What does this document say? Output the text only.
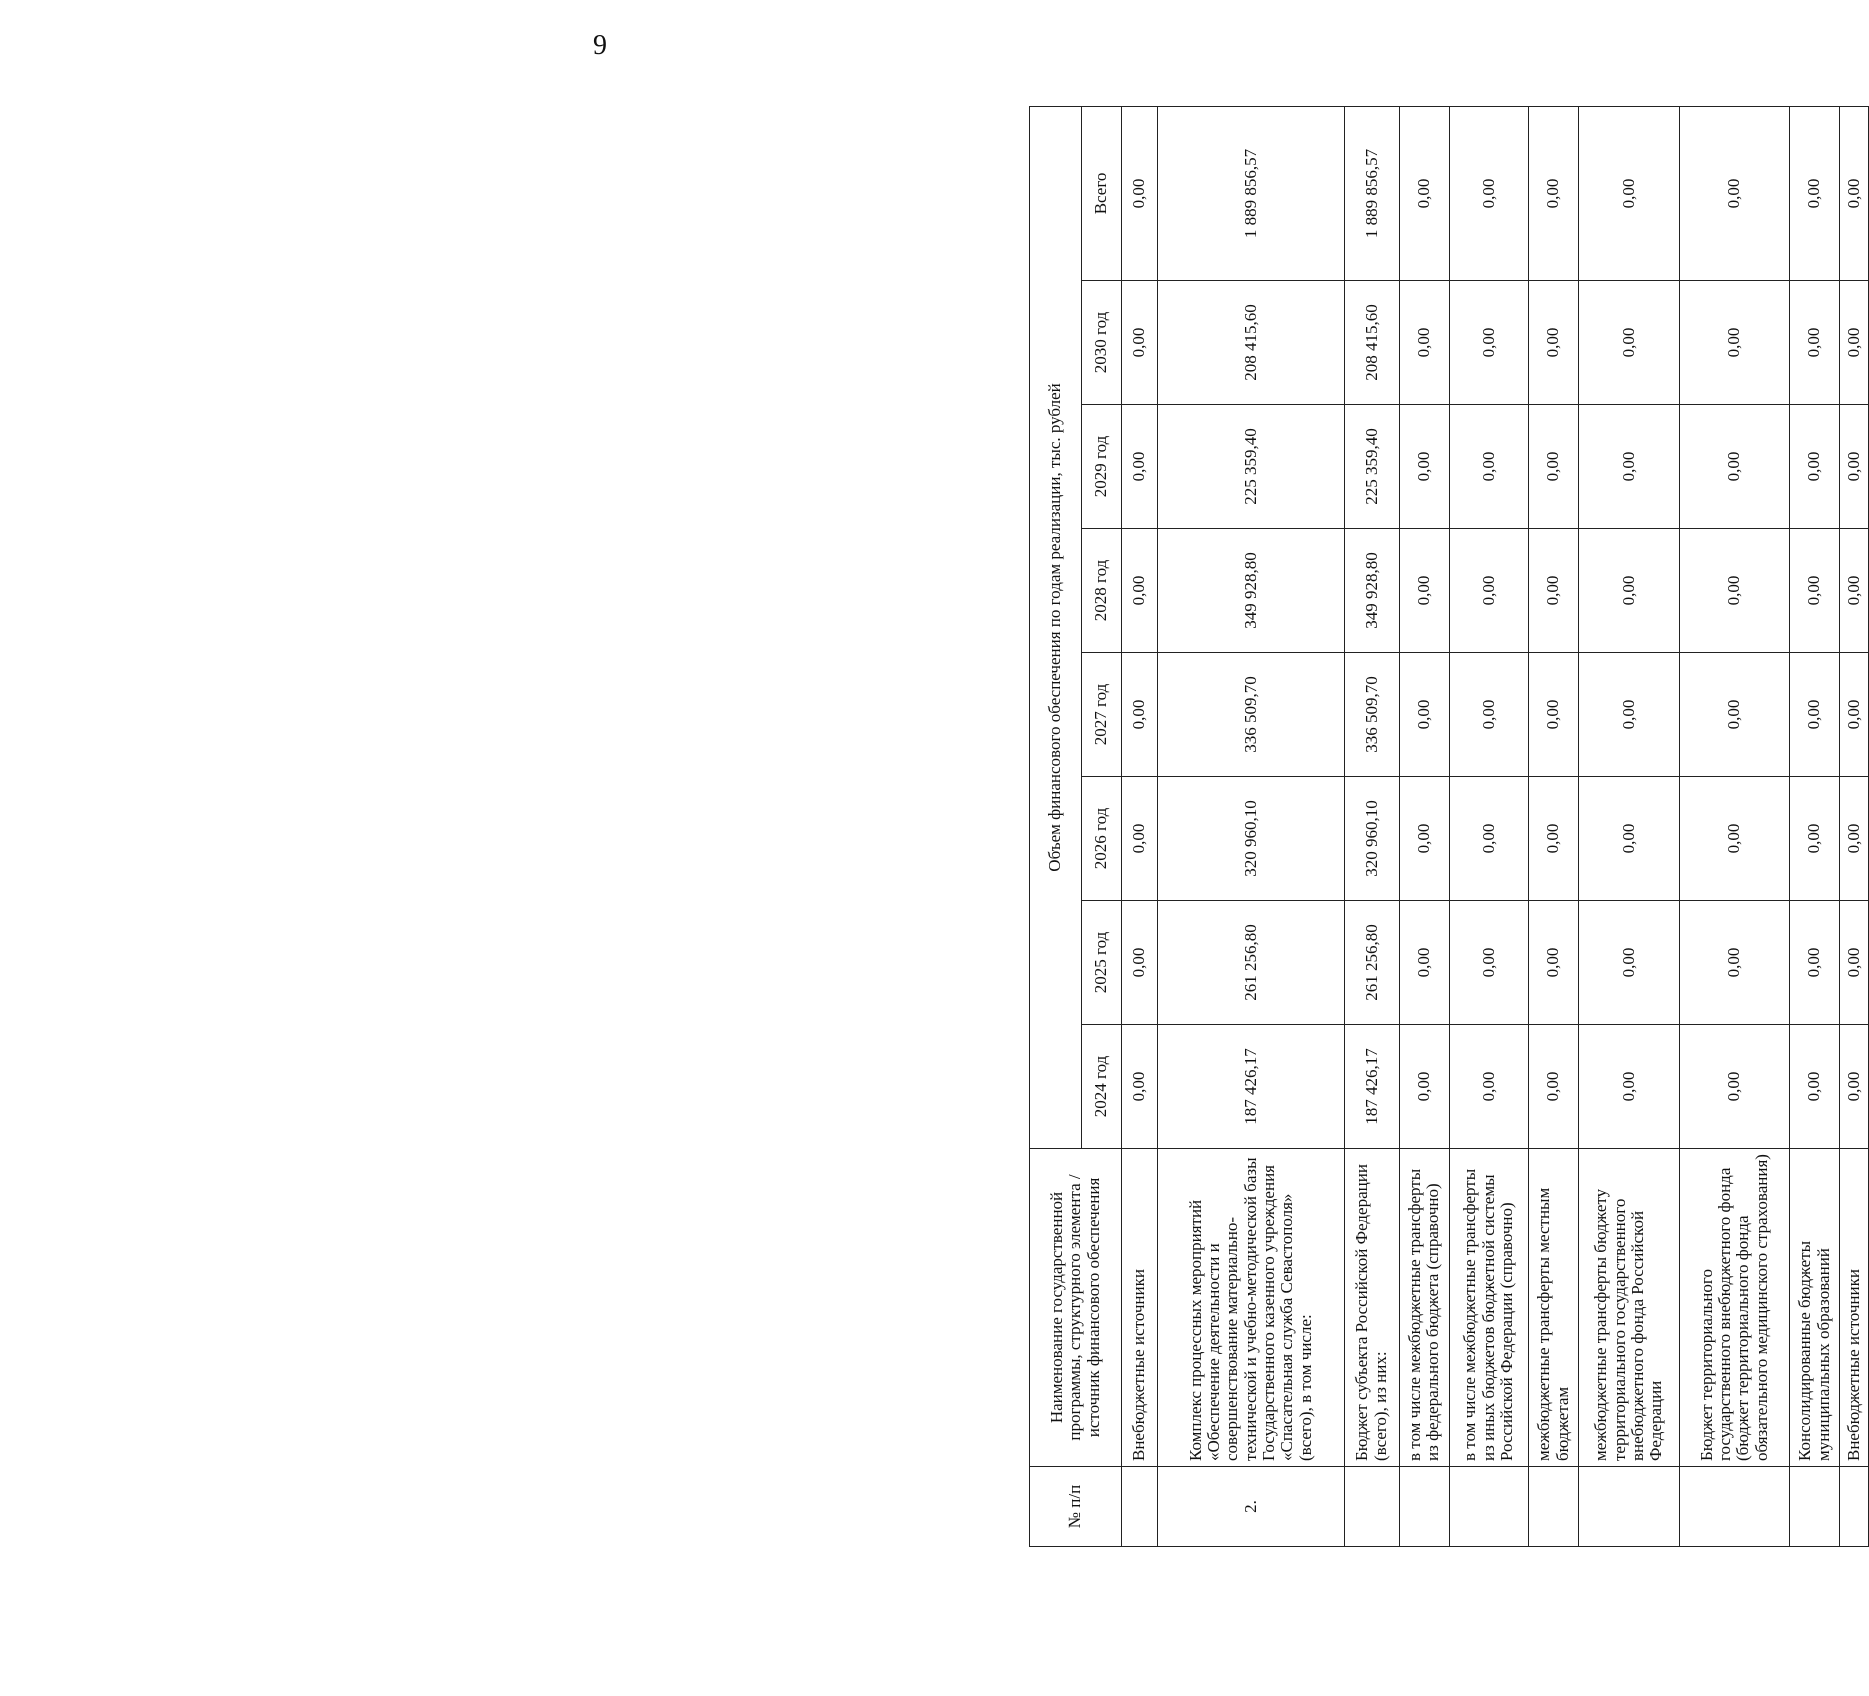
9
№ п/п	Наименование государственной программы, структурного элемента / источник финансового обеспечения	Объем финансового обеспечения по годам реализации, тыс. рублей							
		2024 год	2025 год	2026 год	2027 год	2028 год	2029 год	2030 год	Всего
	Внебюджетные источники	0,00	0,00	0,00	0,00	0,00	0,00	0,00	0,00
2.	Комплекс процессных мероприятий «Обеспечение деятельности и совершенствование материально-технической и учебно-методической базы Государственного казенного учреждения «Спасательная служба Севастополя» (всего), в том числе:	187 426,17	261 256,80	320 960,10	336 509,70	349 928,80	225 359,40	208 415,60	1 889 856,57
	Бюджет субъекта Российской Федерации (всего), из них:	187 426,17	261 256,80	320 960,10	336 509,70	349 928,80	225 359,40	208 415,60	1 889 856,57
	в том числе межбюджетные трансферты из федерального бюджета (справочно)	0,00	0,00	0,00	0,00	0,00	0,00	0,00	0,00
	в том числе межбюджетные трансферты из иных бюджетов бюджетной системы Российской Федерации (справочно)	0,00	0,00	0,00	0,00	0,00	0,00	0,00	0,00
	межбюджетные трансферты местным бюджетам	0,00	0,00	0,00	0,00	0,00	0,00	0,00	0,00
	межбюджетные трансферты бюджету территориального государственного внебюджетного фонда Российской Федерации	0,00	0,00	0,00	0,00	0,00	0,00	0,00	0,00
	Бюджет территориального государственного внебюджетного фонда (бюджет территориального фонда обязательного медицинского страхования)	0,00	0,00	0,00	0,00	0,00	0,00	0,00	0,00
	Консолидированные бюджеты муниципальных образований	0,00	0,00	0,00	0,00	0,00	0,00	0,00	0,00
	Внебюджетные источники	0,00	0,00	0,00	0,00	0,00	0,00	0,00	0,00
